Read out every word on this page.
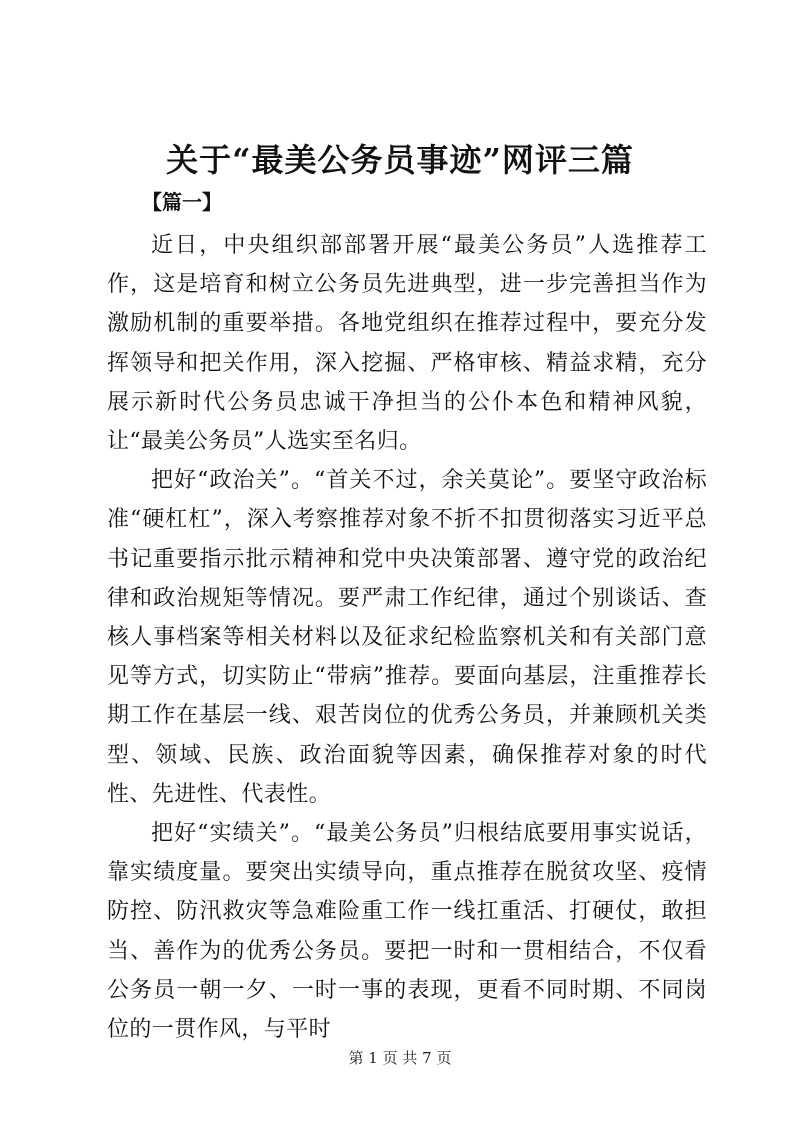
关于“最美公务员事迹”网评三篇

【篇一】

近日，中央组织部部署开展“最美公务员”人选推荐工作，这是培育和树立公务员先进典型，进一步完善担当作为激励机制的重要举措。各地党组织在推荐过程中，要充分发挥领导和把关作用，深入挖掘、严格审核、精益求精，充分展示新时代公务员忠诚干净担当的公仆本色和精神风貌，让“最美公务员”人选实至名归。

把好“政治关”。“首关不过，余关莫论”。要坚守政治标准“硬杠杠”，深入考察推荐对象不折不扣贯彻落实习近平总书记重要指示批示精神和党中央决策部署、遵守党的政治纪律和政治规矩等情况。要严肃工作纪律，通过个别谈话、查核人事档案等相关材料以及征求纪检监察机关和有关部门意见等方式，切实防止“带病”推荐。要面向基层，注重推荐长期工作在基层一线、艰苦岗位的优秀公务员，并兼顾机关类型、领域、民族、政治面貌等因素，确保推荐对象的时代性、先进性、代表性。

把好“实绩关”。“最美公务员”归根结底要用事实说话，靠实绩度量。要突出实绩导向，重点推荐在脱贫攻坚、疫情防控、防汛救灾等急难险重工作一线扛重活、打硬仗，敢担当、善作为的优秀公务员。要把一时和一贯相结合，不仅看公务员一朝一夕、一时一事的表现，更看不同时期、不同岗位的一贯作风，与平时

第 1 页 共 7 页
